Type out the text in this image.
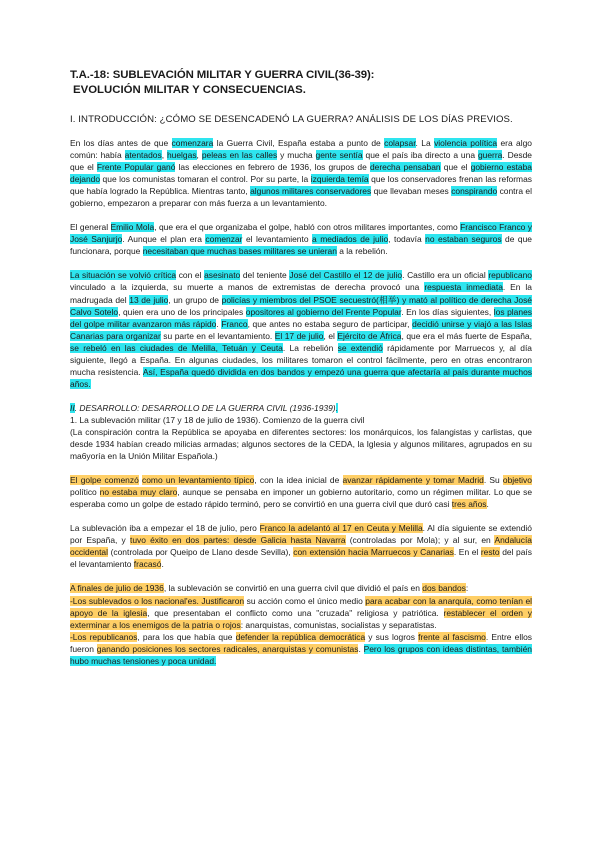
T.A.-18: SUBLEVACIÓN MILITAR Y GUERRA CIVIL(36-39):

EVOLUCIÓN MILITAR Y CONSECUENCIAS.

I. INTRODUCCIÓN: ¿CÓMO SE DESENCADENÓ LA GUERRA? ANÁLISIS DE LOS DÍAS PREVIOS.

En los días antes de que comenzara la Guerra Civil, España estaba a punto de colapsar. La violencia política era algo común: había atentados, huelgas, peleas en las calles y mucha gente sentía que el país iba directo a una guerra. Desde que el Frente Popular ganó las elecciones en febrero de 1936, los grupos de derecha pensaban que el gobierno estaba dejando que los comunistas tomaran el control. Por su parte, la izquierda temía que los conservadores frenan las reformas que había logrado la República. Mientras tanto, algunos militares conservadores que llevaban meses conspirando contra el gobierno, empezaron a preparar con más fuerza a un levantamiento.

El general Emilio Mola, que era el que organizaba el golpe, habló con otros militares importantes, como Francisco Franco y José Sanjurjo. Aunque el plan era comenzar el levantamiento a mediados de julio, todavía no estaban seguros de que funcionara, porque necesitaban que muchas bases militares se unieran a la rebelión.

La situación se volvió crítica con el asesinato del teniente José del Castillo el 12 de julio. Castillo era un oficial republicano vinculado a la izquierda, su muerte a manos de extremistas de derecha provocó una respuesta inmediata. En la madrugada del 13 de julio, un grupo de policías y miembros del PSOE secuestró(相举) y mató al político de derecha José Calvo Sotelo, quien era uno de los principales opositores al gobierno del Frente Popular. En los días siguientes, los planes del golpe militar avanzaron más rápido. Franco, que antes no estaba seguro de participar, decidió unirse y viajó a las Islas Canarias para organizar su parte en el levantamiento. El 17 de julio, el Ejército de África, que era el más fuerte de España, se rebeló en las ciudades de Melilla, Tetuán y Ceuta. La rebelión se extendió rápidamente por Marruecos y, al día siguiente, llegó a España. En algunas ciudades, los militares tomaron el control fácilmente, pero en otras encontraron mucha resistencia. Así, España quedó dividida en dos bandos y empezó una guerra que afectaría al país durante muchos años.

II. DESARROLLO: DESARROLLO DE LA GUERRA CIVIL (1936-1939).
1. La sublevación militar (17 y 18 de julio de 1936). Comienzo de la guerra civil
(La conspiración contra la República se apoyaba en diferentes sectores: los monárquicos, los falangistas y carlistas, que desde 1934 habían creado milicias armadas; algunos sectores de la CEDA, la Iglesia y algunos militares, agrupados en su ma6yoría en la Unión Militar Española.)

El golpe comenzó como un levantamiento típico, con la idea inicial de avanzar rápidamente y tomar Madrid. Su objetivo político no estaba muy claro, aunque se pensaba en imponer un gobierno autoritario, como un régimen militar. Lo que se esperaba como un golpe de estado rápido terminó, pero se convirtió en una guerra civil que duró casi tres años.

La sublevación iba a empezar el 18 de julio, pero Franco la adelantó al 17 en Ceuta y Melilla. Al día siguiente se extendió por España, y tuvo éxito en dos partes: desde Galicia hasta Navarra (controladas por Mola); y al sur, en Andalucía occidental (controlada por Queipo de Llano desde Sevilla), con extensión hacia Marruecos y Canarias. En el resto del país el levantamiento fracasó.

A finales de julio de 1936, la sublevación se convirtió en una guerra civil que dividió el país en dos bandos:
-Los sublevados o los nacional'es. Justificaron su acción como el único medio para acabar con la anarquía, como tenían el apoyo de la iglesia, que presentaban el conflicto como una "cruzada" religiosa y patriótica. restablecer el orden y exterminar a los enemigos de la patria o rojos: anarquistas, comunistas, socialistas y separatistas.
-Los republicanos, para los que había que defender la república democrática y sus logros frente al fascismo. Entre ellos fueron ganando posiciones los sectores radicales, anarquistas y comunistas. Pero los grupos con ideas distintas, también hubo muchas tensiones y poca unidad.
